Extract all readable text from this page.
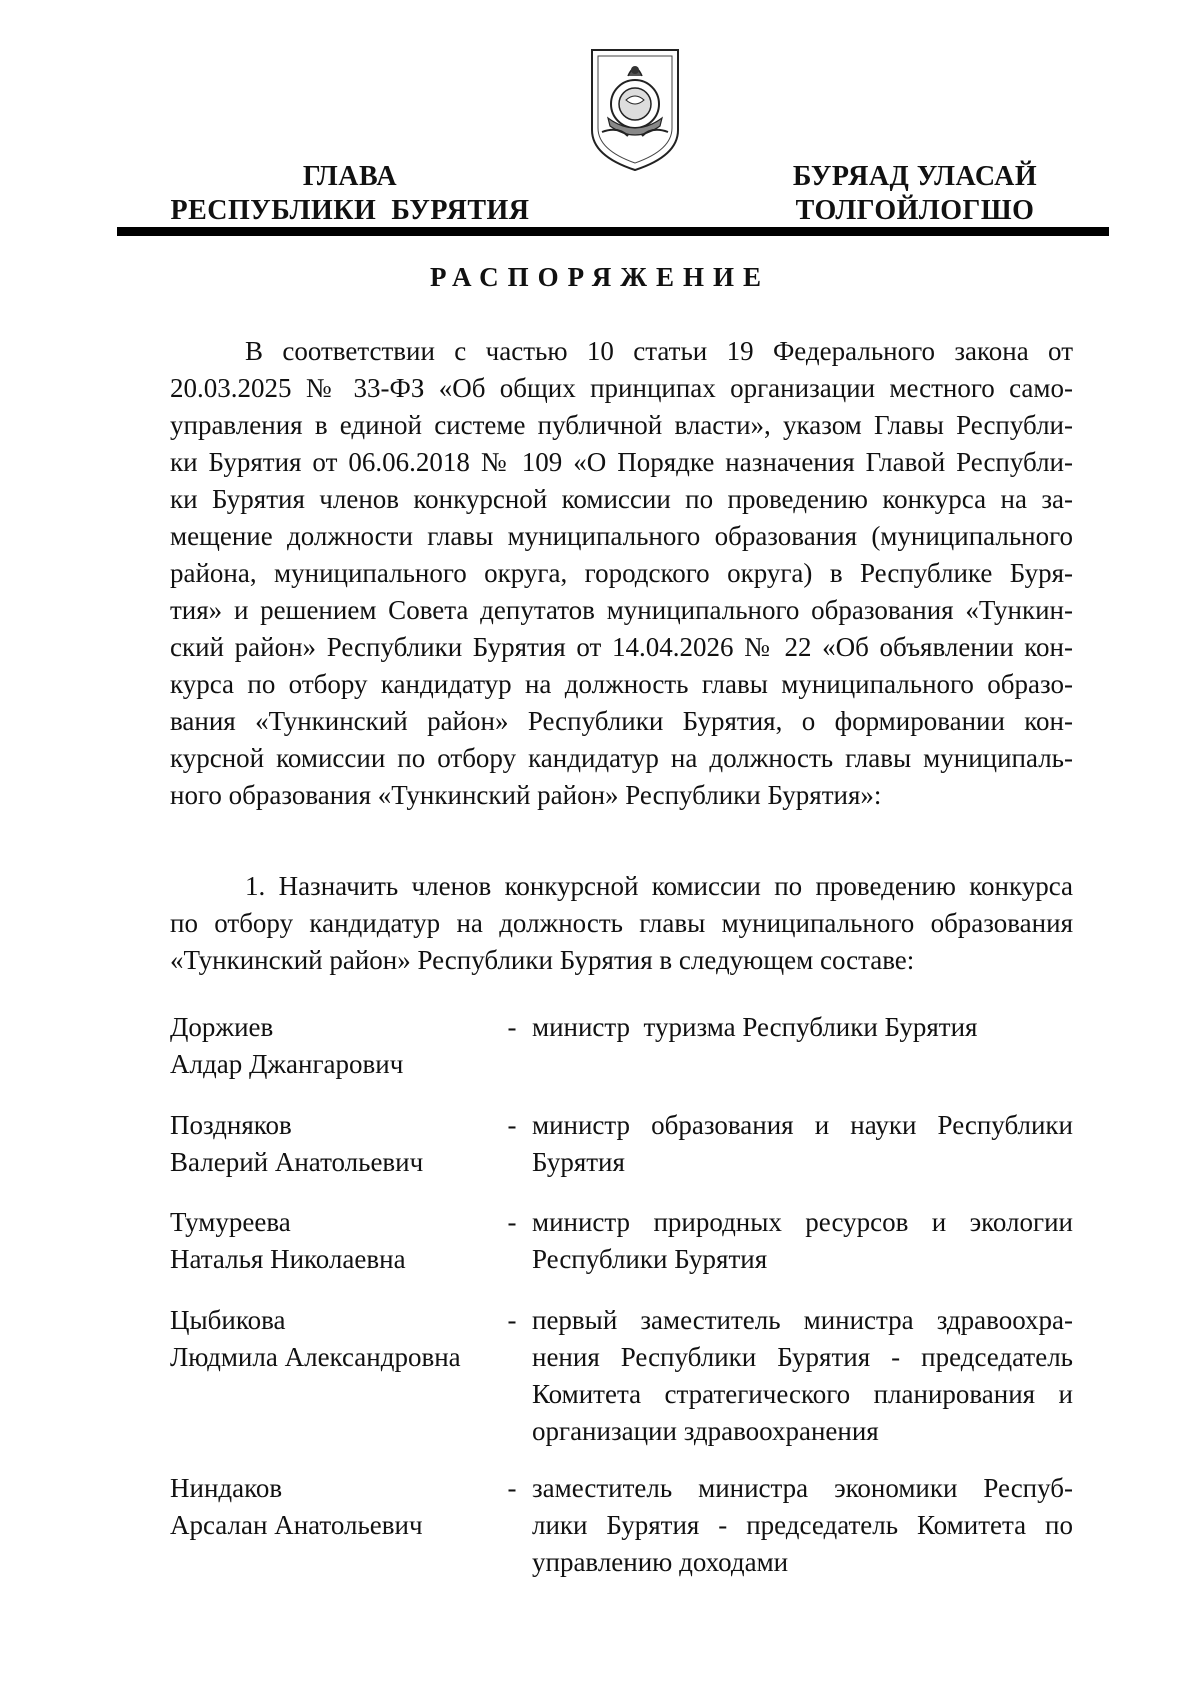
ГЛАВА
РЕСПУБЛИКИ  БУРЯТИЯ
БУРЯАД УЛАСАЙ
ТОЛГОЙЛОГШО
РАСПОРЯЖЕНИЕ
В соответствии с частью 10 статьи 19 Федерального закона от
20.03.2025 № 33-ФЗ «Об общих принципах организации местного само-
управления в единой системе публичной власти», указом Главы Республи-
ки Бурятия от 06.06.2018 № 109 «О Порядке назначения Главой Республи-
ки Бурятия членов конкурсной комиссии по проведению конкурса на за-
мещение должности главы муниципального образования (муниципального
района, муниципального округа, городского округа) в Республике Буря-
тия» и решением Совета депутатов муниципального образования «Тункин-
ский район» Республики Бурятия от 14.04.2026 № 22 «Об объявлении кон-
курса по отбору кандидатур на должность главы муниципального образо-
вания «Тункинский район» Республики Бурятия, о формировании кон-
курсной комиссии по отбору кандидатур на должность главы муниципаль-
ного образования «Тункинский район» Республики Бурятия»:
1. Назначить членов конкурсной комиссии по проведению конкурса
по отбору кандидатур на должность главы муниципального образования
«Тункинский район» Республики Бурятия в следующем составе:
Доржиев
Алдар Джангарович
- министр  туризма Республики Бурятия
Поздняков
Валерий Анатольевич
- министр образования и науки Республики
Бурятия
Тумуреева
Наталья Николаевна
- министр природных ресурсов и экологии
Республики Бурятия
Цыбикова
Людмила Александровна
- первый заместитель министра здравоохра-
нения Республики Бурятия - председатель
Комитета стратегического планирования и
организации здравоохранения
Ниндаков
Арсалан Анатольевич
- заместитель министра экономики Респуб-
лики Бурятия - председатель Комитета по
управлению доходами
